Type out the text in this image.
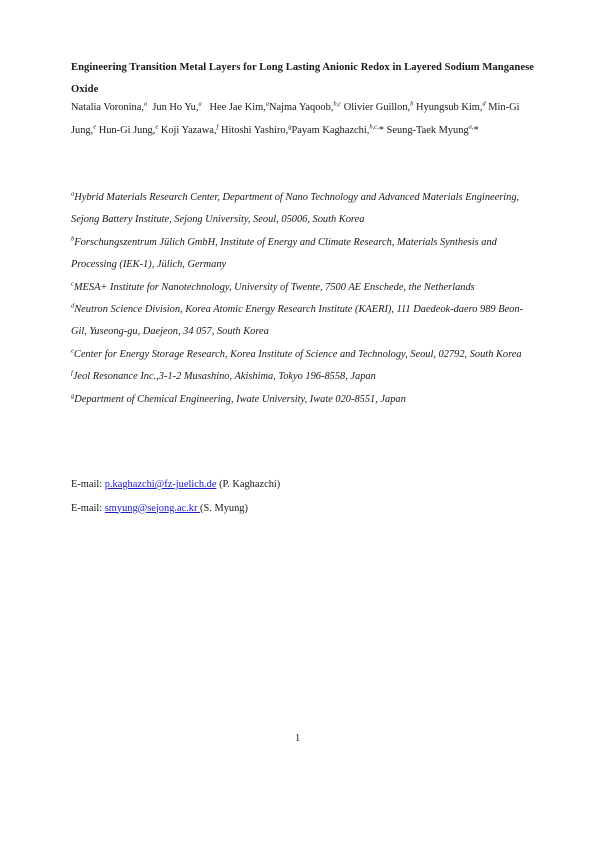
Engineering Transition Metal Layers for Long Lasting Anionic Redox in Layered Sodium Manganese Oxide
Natalia Voronina,$^a$ Jun Ho Yu,$^a$ Hee Jae Kim,$^a$Najma Yaqoob,$^{b,c}$ Olivier Guillon,$^b$ Hyungsub Kim,$^d$ Min-Gi Jung,$^e$ Hun-Gi Jung,$^e$ Koji Yazawa,$^f$ Hitoshi Yashiro,$^g$Payam Kaghazchi,$^{b,c,}$* Seung-Taek Myung$^{a,}$*
$^a$Hybrid Materials Research Center, Department of Nano Technology and Advanced Materials Engineering, Sejong Battery Institute, Sejong University, Seoul, 05006, South Korea
$^b$Forschungszentrum Jülich GmbH, Institute of Energy and Climate Research, Materials Synthesis and Processing (IEK-1), Jülich, Germany
$^c$MESA+ Institute for Nanotechnology, University of Twente, 7500 AE Enschede, the Netherlands
$^d$Neutron Science Division, Korea Atomic Energy Research Institute (KAERI), 111 Daedeok-daero 989 Beon-Gil, Yuseong-gu, Daejeon, 34 057, South Korea
$^e$Center for Energy Storage Research, Korea Institute of Science and Technology, Seoul, 02792, South Korea
$^f$Jeol Resonance Inc.,3-1-2 Musashino, Akishima, Tokyo 196-8558, Japan
$^g$Department of Chemical Engineering, Iwate University, Iwate 020-8551, Japan
E-mail: p.kaghazchi@fz-juelich.de (P. Kaghazchi)
E-mail: smyung@sejong.ac.kr (S. Myung)
1
